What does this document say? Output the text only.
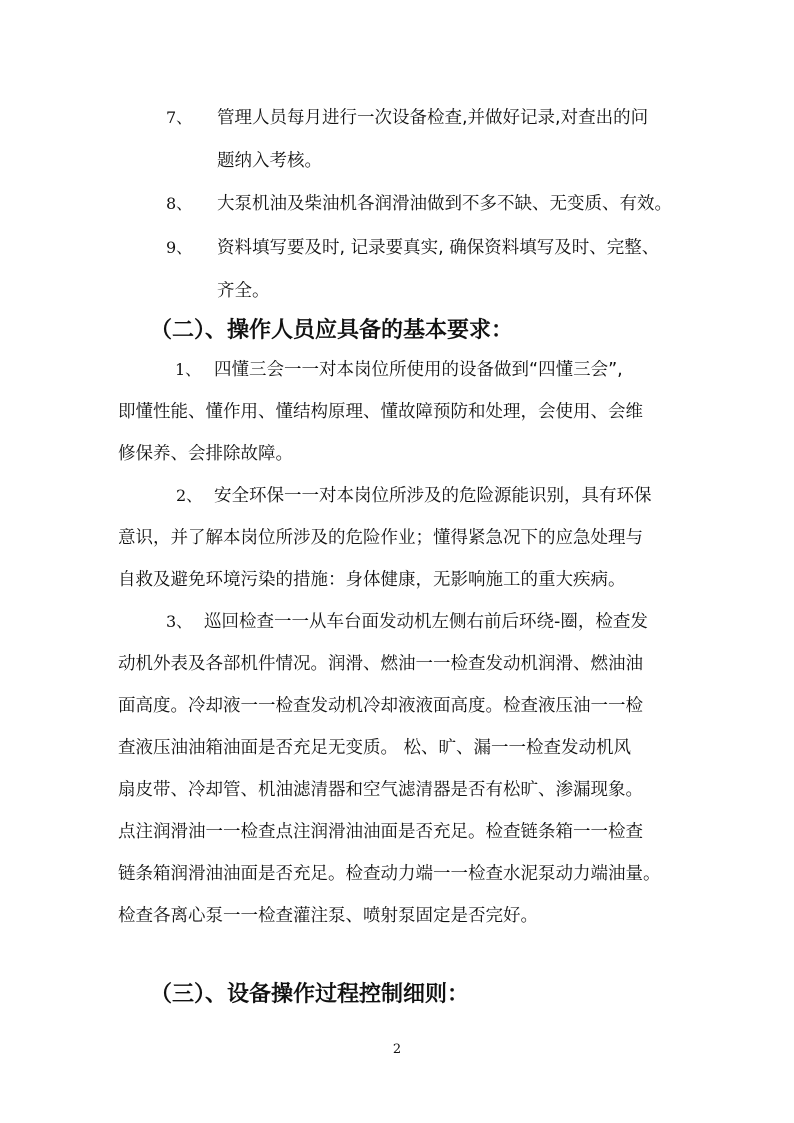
7、 管理人员每月进行一次设备检查,并做好记录,对查出的问
题纳入考核。
8、 大泵机油及柴油机各润滑油做到不多不缺、无变质、有效。
9、 资料填写要及时, 记录要真实, 确保资料填写及时、完整、
齐全。
（二）、操作人员应具备的基本要求：
1、 四懂三会一一对本岗位所使用的设备做到“四懂三会”,
即懂性能、懂作用、懂结构原理、懂故障预防和处理，会使用、会维
修保养、会排除故障。
2、 安全环保一一对本岗位所涉及的危险源能识别，具有环保
意识，并了解本岗位所涉及的危险作业；懂得紧急况下的应急处理与
自救及避免环境污染的措施：身体健康，无影响施工的重大疾病。
3、 巡回检查一一从车台面发动机左侧右前后环绕-圈，检查发
动机外表及各部机件情况。润滑、燃油一一检查发动机润滑、燃油油
面高度。冷却液一一检查发动机冷却液液面高度。检查液压油一一检
查液压油油箱油面是否充足无变质。 松、旷、漏一一检查发动机风
扇皮带、冷却管、机油滤清器和空气滤清器是否有松旷、渗漏现象。
点注润滑油一一检查点注润滑油油面是否充足。检查链条箱一一检查
链条箱润滑油油面是否充足。检查动力端一一检查水泥泵动力端油量。
检查各离心泵一一检查灌注泵、喷射泵固定是否完好。
（三）、设备操作过程控制细则：
2
